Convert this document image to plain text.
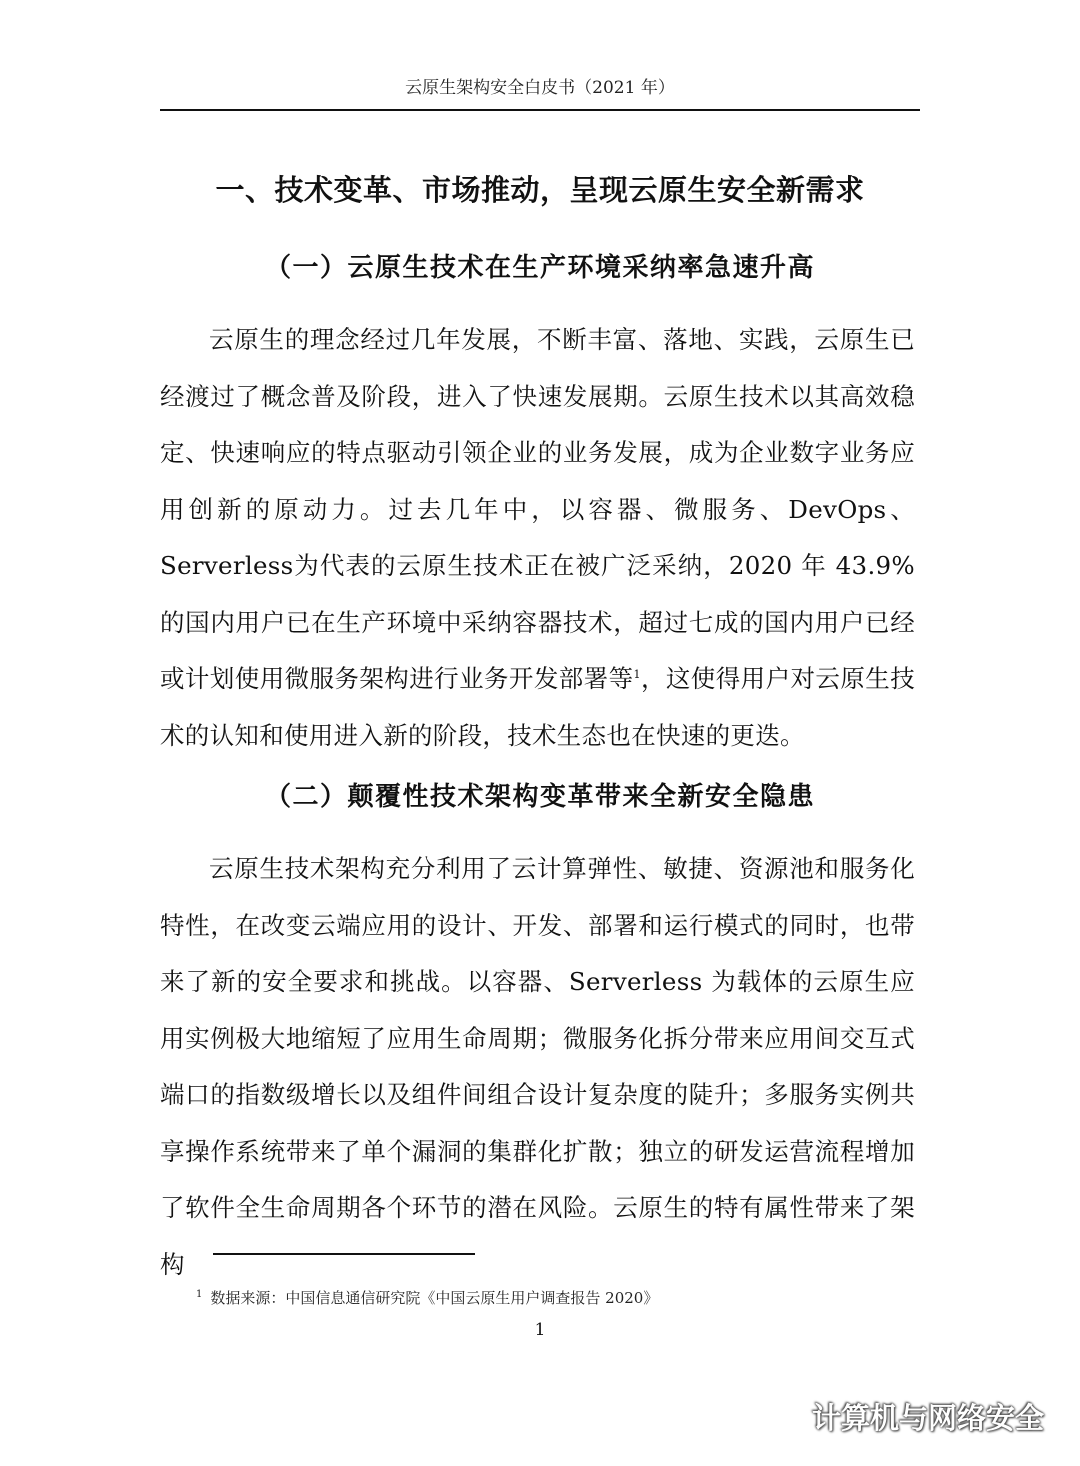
云原生架构安全白皮书（2021 年）
一、技术变革、市场推动，呈现云原生安全新需求
（一）云原生技术在生产环境采纳率急速升高

云原生的理念经过几年发展，不断丰富、落地、实践，云原生已经渡过了概念普及阶段，进入了快速发展期。云原生技术以其高效稳定、快速响应的特点驱动引领企业的业务发展，成为企业数字业务应用创新的原动力。过去几年中，以容器、微服务、DevOps、Serverless为代表的云原生技术正在被广泛采纳，2020 年 43.9%的国内用户已在生产环境中采纳容器技术，超过七成的国内用户已经或计划使用微服务架构进行业务开发部署等$^1$，这使得用户对云原生技术的认知和使用进入新的阶段，技术生态也在快速的更迭。

（二）颠覆性技术架构变革带来全新安全隐患

云原生技术架构充分利用了云计算弹性、敏捷、资源池和服务化特性，在改变云端应用的设计、开发、部署和运行模式的同时，也带来了新的安全要求和挑战。以容器、Serverless 为载体的云原生应用实例极大地缩短了应用生命周期；微服务化拆分带来应用间交互式端口的指数级增长以及组件间组合设计复杂度的陡升；多服务实例共享操作系统带来了单个漏洞的集群化扩散；独立的研发运营流程增加了软件全生命周期各个环节的潜在风险。云原生的特有属性带来了架构

$^1$ 数据来源：中国信息通信研究院《中国云原生用户调查报告 2020》
1
计算机与网络安全
